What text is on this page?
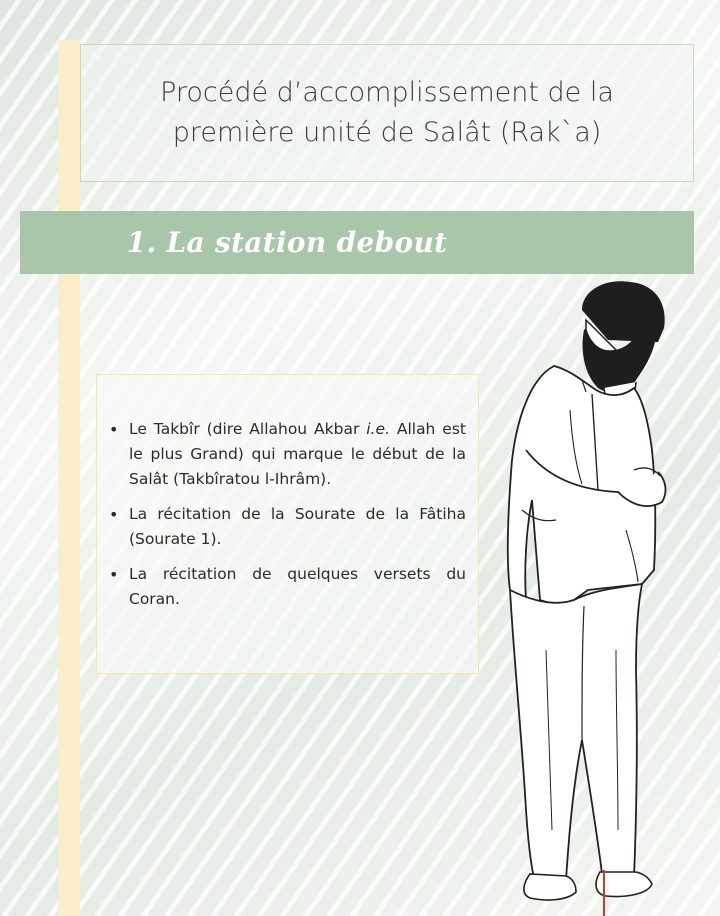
Procédé d’accomplissement de la
première unité de Salât (Rak`a)
1. La station debout
• Le Takbîr (dire Allahou Akbar i.e. Allah est le plus Grand) qui marque le début de la Salât (Takbîratou l-Ihrâm).
• La récitation de la Sourate de la Fâtiha (Sourate 1).
• La récitation de quelques versets du Coran.
